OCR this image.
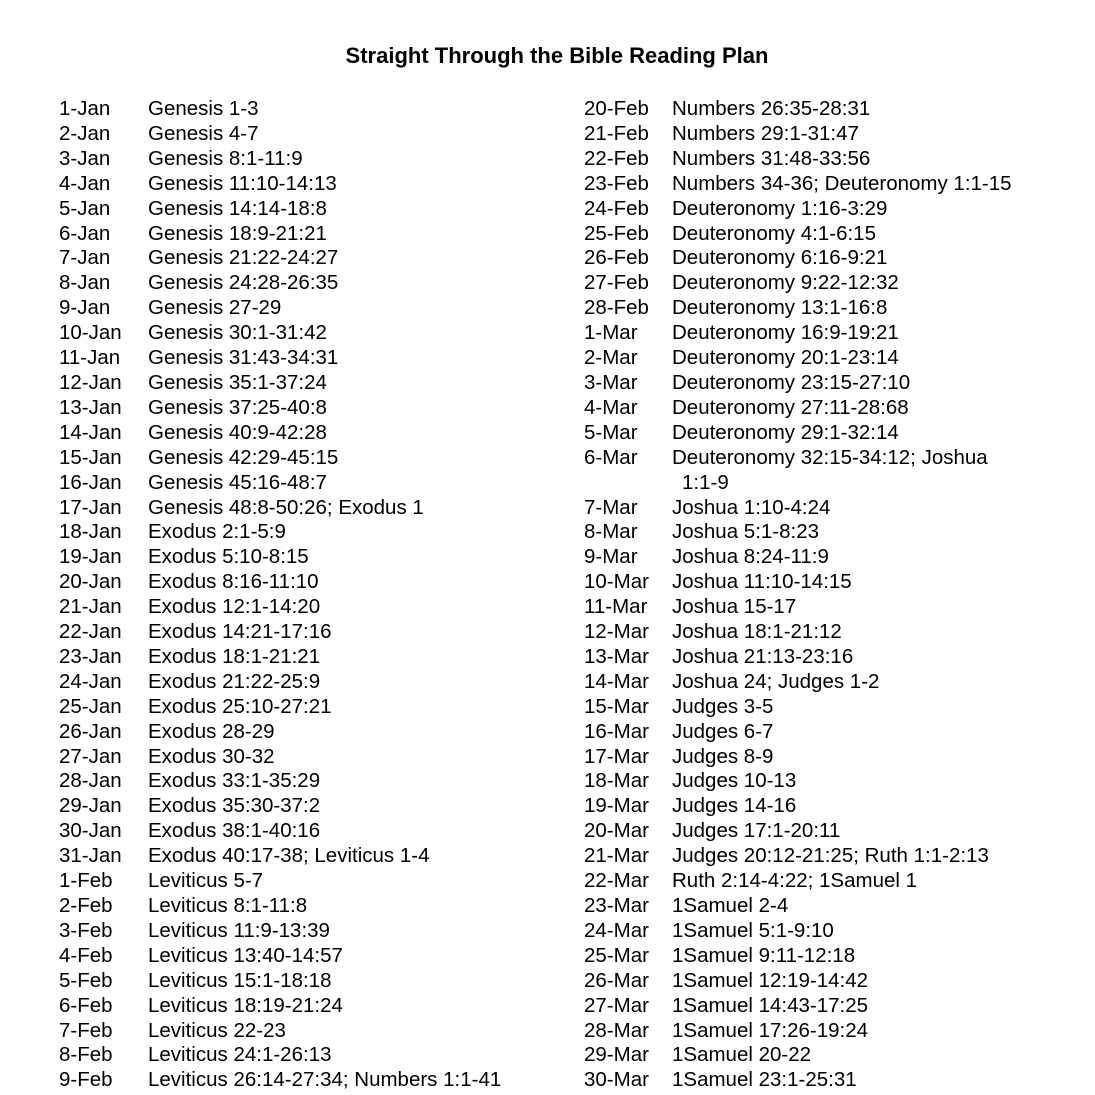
Straight Through the Bible Reading Plan
1-Jan	Genesis 1-3
2-Jan	Genesis 4-7
3-Jan	Genesis 8:1-11:9
4-Jan	Genesis 11:10-14:13
5-Jan	Genesis 14:14-18:8
6-Jan	Genesis 18:9-21:21
7-Jan	Genesis 21:22-24:27
8-Jan	Genesis 24:28-26:35
9-Jan	Genesis 27-29
10-Jan	Genesis 30:1-31:42
11-Jan	Genesis 31:43-34:31
12-Jan	Genesis 35:1-37:24
13-Jan	Genesis 37:25-40:8
14-Jan	Genesis 40:9-42:28
15-Jan	Genesis 42:29-45:15
16-Jan	Genesis 45:16-48:7
17-Jan	Genesis 48:8-50:26; Exodus 1
18-Jan	Exodus 2:1-5:9
19-Jan	Exodus 5:10-8:15
20-Jan	Exodus 8:16-11:10
21-Jan	Exodus 12:1-14:20
22-Jan	Exodus 14:21-17:16
23-Jan	Exodus 18:1-21:21
24-Jan	Exodus 21:22-25:9
25-Jan	Exodus 25:10-27:21
26-Jan	Exodus 28-29
27-Jan	Exodus 30-32
28-Jan	Exodus 33:1-35:29
29-Jan	Exodus 35:30-37:2
30-Jan	Exodus 38:1-40:16
31-Jan	Exodus 40:17-38; Leviticus 1-4
1-Feb	Leviticus 5-7
2-Feb	Leviticus 8:1-11:8
3-Feb	Leviticus 11:9-13:39
4-Feb	Leviticus 13:40-14:57
5-Feb	Leviticus 15:1-18:18
6-Feb	Leviticus 18:19-21:24
7-Feb	Leviticus 22-23
8-Feb	Leviticus 24:1-26:13
9-Feb	Leviticus 26:14-27:34; Numbers 1:1-41
20-Feb	Numbers 26:35-28:31
21-Feb	Numbers 29:1-31:47
22-Feb	Numbers 31:48-33:56
23-Feb	Numbers 34-36; Deuteronomy 1:1-15
24-Feb	Deuteronomy 1:16-3:29
25-Feb	Deuteronomy 4:1-6:15
26-Feb	Deuteronomy 6:16-9:21
27-Feb	Deuteronomy 9:22-12:32
28-Feb	Deuteronomy 13:1-16:8
1-Mar	Deuteronomy 16:9-19:21
2-Mar	Deuteronomy 20:1-23:14
3-Mar	Deuteronomy 23:15-27:10
4-Mar	Deuteronomy 27:11-28:68
5-Mar	Deuteronomy 29:1-32:14
6-Mar	Deuteronomy 32:15-34:12; Joshua
1:1-9
7-Mar	Joshua 1:10-4:24
8-Mar	Joshua 5:1-8:23
9-Mar	Joshua 8:24-11:9
10-Mar	Joshua 11:10-14:15
11-Mar	Joshua 15-17
12-Mar	Joshua 18:1-21:12
13-Mar	Joshua 21:13-23:16
14-Mar	Joshua 24; Judges 1-2
15-Mar	Judges 3-5
16-Mar	Judges 6-7
17-Mar	Judges 8-9
18-Mar	Judges 10-13
19-Mar	Judges 14-16
20-Mar	Judges 17:1-20:11
21-Mar	Judges 20:12-21:25; Ruth 1:1-2:13
22-Mar	Ruth 2:14-4:22; 1Samuel 1
23-Mar	1Samuel 2-4
24-Mar	1Samuel 5:1-9:10
25-Mar	1Samuel 9:11-12:18
26-Mar	1Samuel 12:19-14:42
27-Mar	1Samuel 14:43-17:25
28-Mar	1Samuel 17:26-19:24
29-Mar	1Samuel 20-22
30-Mar	1Samuel 23:1-25:31
